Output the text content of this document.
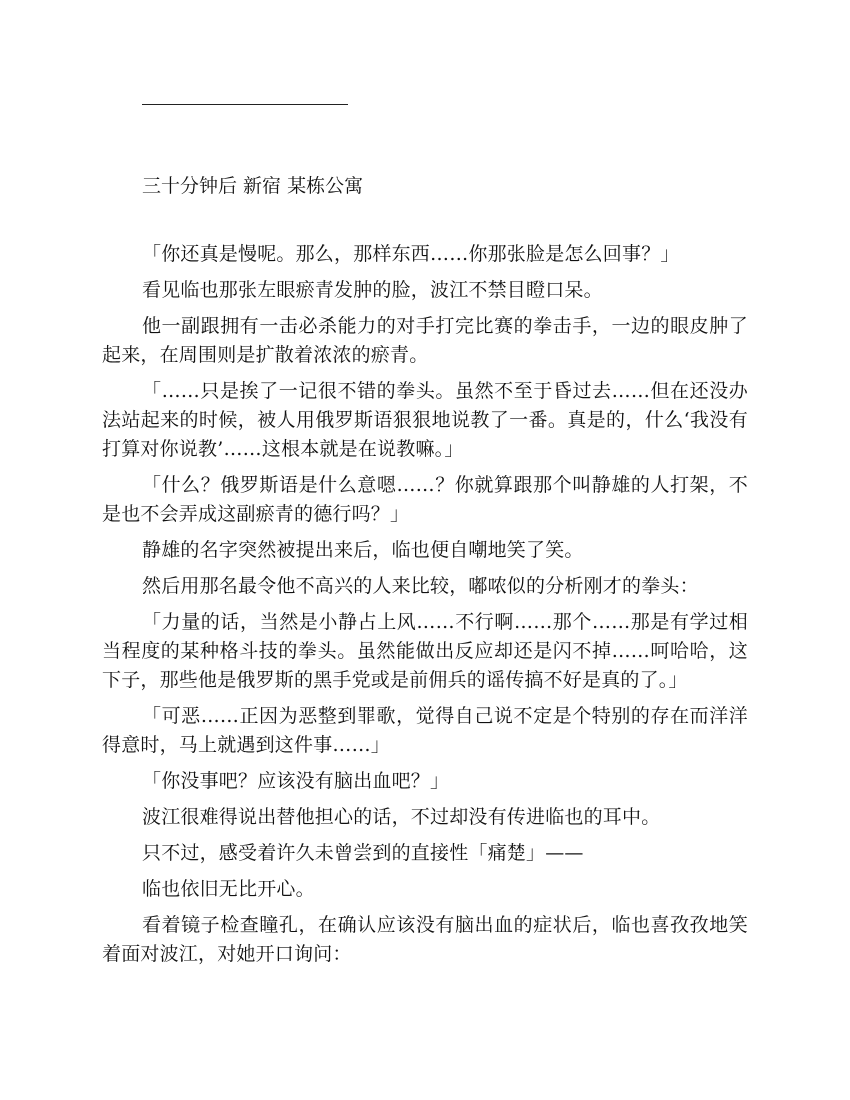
三十分钟后 新宿 某栋公寓

「你还真是慢呢。那么，那样东西……你那张脸是怎么回事？」

看见临也那张左眼瘀青发肿的脸，波江不禁目瞪口呆。

他一副跟拥有一击必杀能力的对手打完比赛的拳击手，一边的眼皮肿了起来，在周围则是扩散着浓浓的瘀青。

「……只是挨了一记很不错的拳头。虽然不至于昏过去……但在还没办法站起来的时候，被人用俄罗斯语狠狠地说教了一番。真是的，什么‘我没有打算对你说教’……这根本就是在说教嘛。」

「什么？俄罗斯语是什么意嗯……？你就算跟那个叫静雄的人打架，不是也不会弄成这副瘀青的德行吗？」

静雄的名字突然被提出来后，临也便自嘲地笑了笑。

然后用那名最令他不高兴的人来比较，嘟哝似的分析刚才的拳头：

「力量的话，当然是小静占上风……不行啊……那个……那是有学过相当程度的某种格斗技的拳头。虽然能做出反应却还是闪不掉……呵哈哈，这下子，那些他是俄罗斯的黑手党或是前佣兵的谣传搞不好是真的了。」

「可恶……正因为恶整到罪歌，觉得自己说不定是个特别的存在而洋洋得意时，马上就遇到这件事……」

「你没事吧？应该没有脑出血吧？」

波江很难得说出替他担心的话，不过却没有传进临也的耳中。

只不过，感受着许久未曾尝到的直接性「痛楚」——

临也依旧无比开心。

看着镜子检查瞳孔，在确认应该没有脑出血的症状后，临也喜孜孜地笑着面对波江，对她开口询问：
